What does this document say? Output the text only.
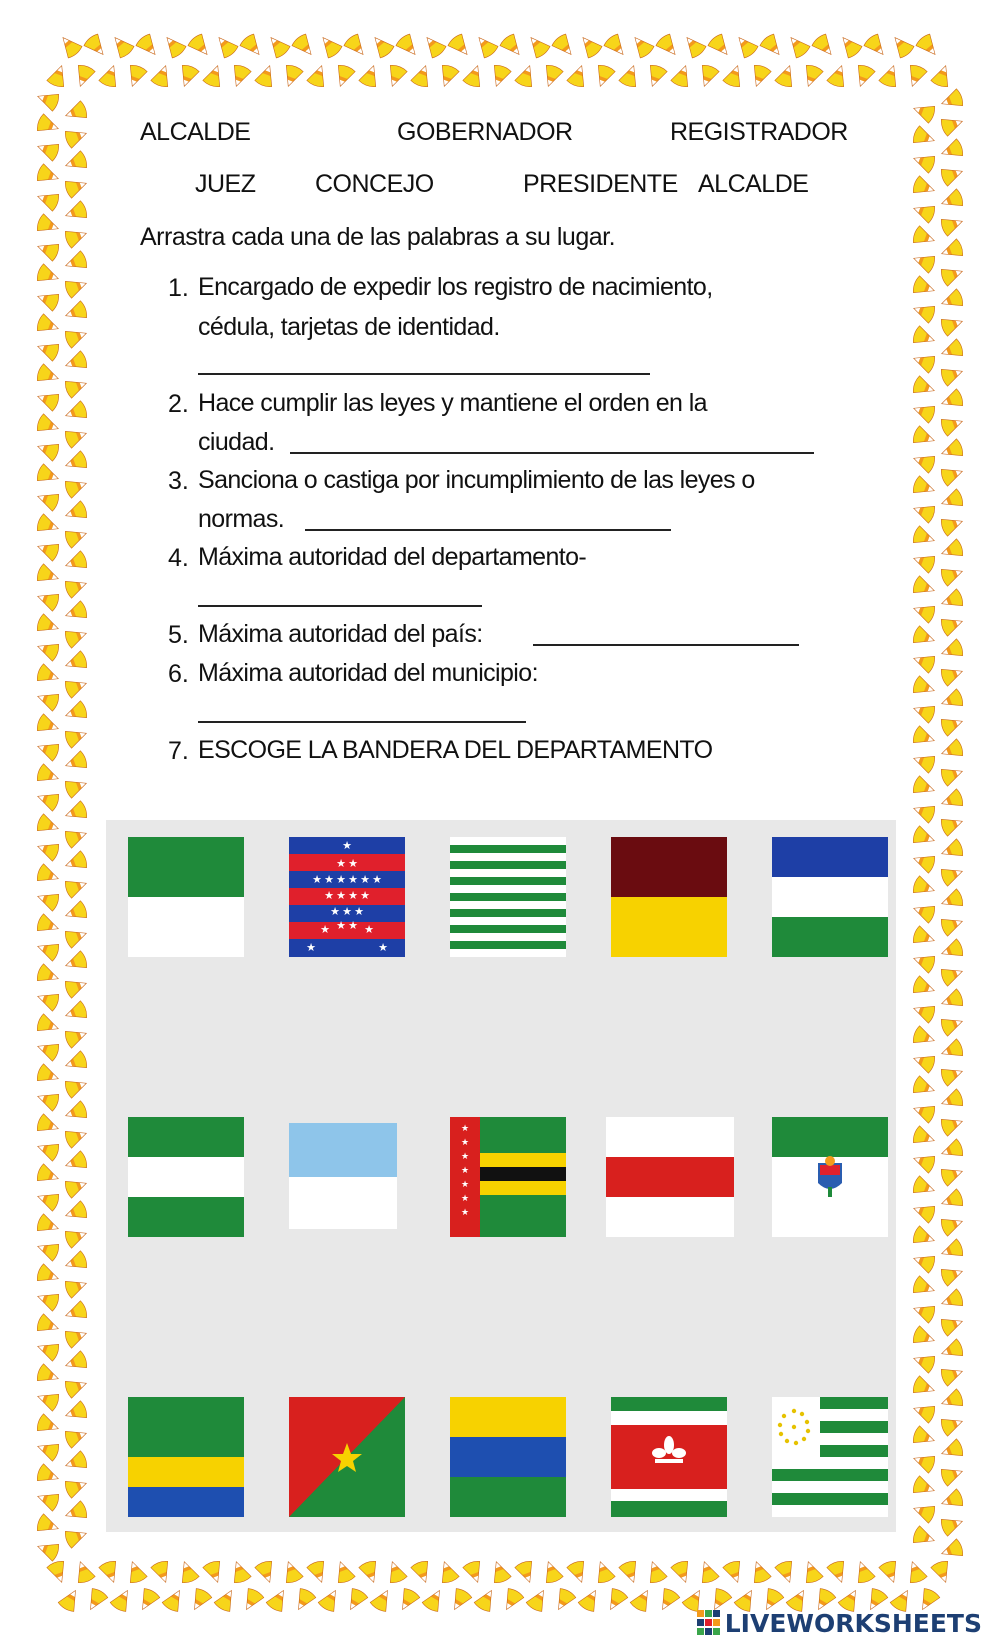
ALCALDE	GOBERNADOR	REGISTRADOR
JUEZ CONCEJO	PRESIDENTE ALCALDE
Arrastra cada una de las palabras a su lugar.
1. Encargado de expedir los registro de nacimiento,
cédula, tarjetas de identidad.
2. Hace cumplir las leyes y mantiene el orden en la
ciudad.
3. Sanciona o castiga por incumplimiento de las leyes o
normas.
4. Máxima autoridad del departamento-
5. Máxima autoridad del país:
6. Máxima autoridad del municipio:
7. ESCOGE LA BANDERA DEL DEPARTAMENTO
★
★ ★
★ ★ ★ ★ ★ ★
★ ★ ★ ★
★ ★ ★
★ ★ ★ ★
★	★
★
★
★
★
★
★
★
LIVEWORKSHEETS
